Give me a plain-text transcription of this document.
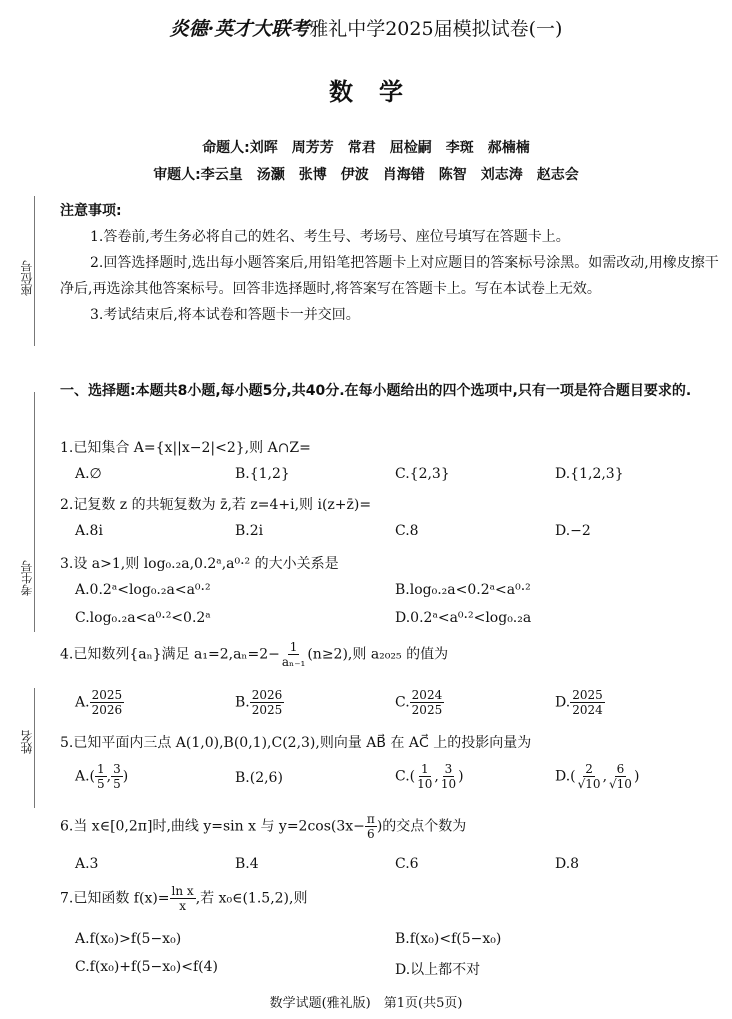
炎德·英才大联考雅礼中学2025届模拟试卷(一)
数学
命题人:刘晖　周芳芳　常君　屈检嗣　李斑　郝楠楠
审题人:李云皇　汤灏　张博　伊波　肖海错　陈智　刘志涛　赵志会
座位号
考生号
姓名
注意事项:

1.答卷前,考生务必将自己的姓名、考生号、考场号、座位号填写在答题卡上。

2.回答选择题时,选出每小题答案后,用铅笔把答题卡上对应题目的答案标号涂黑。如需改动,用橡皮擦干净后,再选涂其他答案标号。回答非选择题时,将答案写在答题卡上。写在本试卷上无效。

3.考试结束后,将本试卷和答题卡一并交回。

一、选择题:本题共8小题,每小题5分,共40分.在每小题给出的四个选项中,只有一项是符合题目要求的.
1.已知集合 A={x||x−2|<2},则 A∩Z=
A.∅	B.{1,2}	C.{2,3}	D.{1,2,3}
2.记复数 z 的共轭复数为 z̄,若 z=4+i,则 i(z+z̄)=
A.8i	B.2i	C.8	D.−2
3.设 a>1,则 log₀.₂a,0.2ᵃ,a⁰·² 的大小关系是
A.0.2ᵃ<log₀.₂a<a⁰·²	B.log₀.₂a<0.2ᵃ<a⁰·²
C.log₀.₂a<a⁰·²<0.2ᵃ	D.0.2ᵃ<a⁰·²<log₀.₂a
4.已知数列{aₙ}满足 $a_1=2,a_n=2- \frac{1}{\text{aₙ₋₁}} (n\ge 2)$,则 a₂₀₂₅ 的值为
A. $\frac{2025}{2026}$	B. $\frac{2026}{2025}$	C. $\frac{2024}{2025}$	D. $\frac{2025}{2024}$
5.已知平面内三点 A(1,0),B(0,1),C(2,3),则向量 AB⃗ 在 AC⃗ 上的投影向量为
$A.( \frac{1}{5}$ , $\frac{3}{5}$ )	B.(2,6)	$C.( \frac{1}{10}$ , $\frac{3}{10}$ )	$D.( \frac{2}{√10}$ , $\frac{6}{√10}$ )
6.当 x∈[0,2π]时,曲线 y=sin x 与 $y=2\cos(3x- \frac{\pi}{6}$ )的交点个数为
A.3	B.4	C.6	D.8
7.已知函数 $f(x)= \frac{\text{ln x}}{x}$ ,若 x₀∈(1.5,2),则
A.f(x₀)>f(5−x₀)	B.f(x₀)<f(5−x₀)
C.f(x₀)+f(5−x₀)<f(4)	D.以上都不对
数学试题(雅礼版)　第1页(共5页)
